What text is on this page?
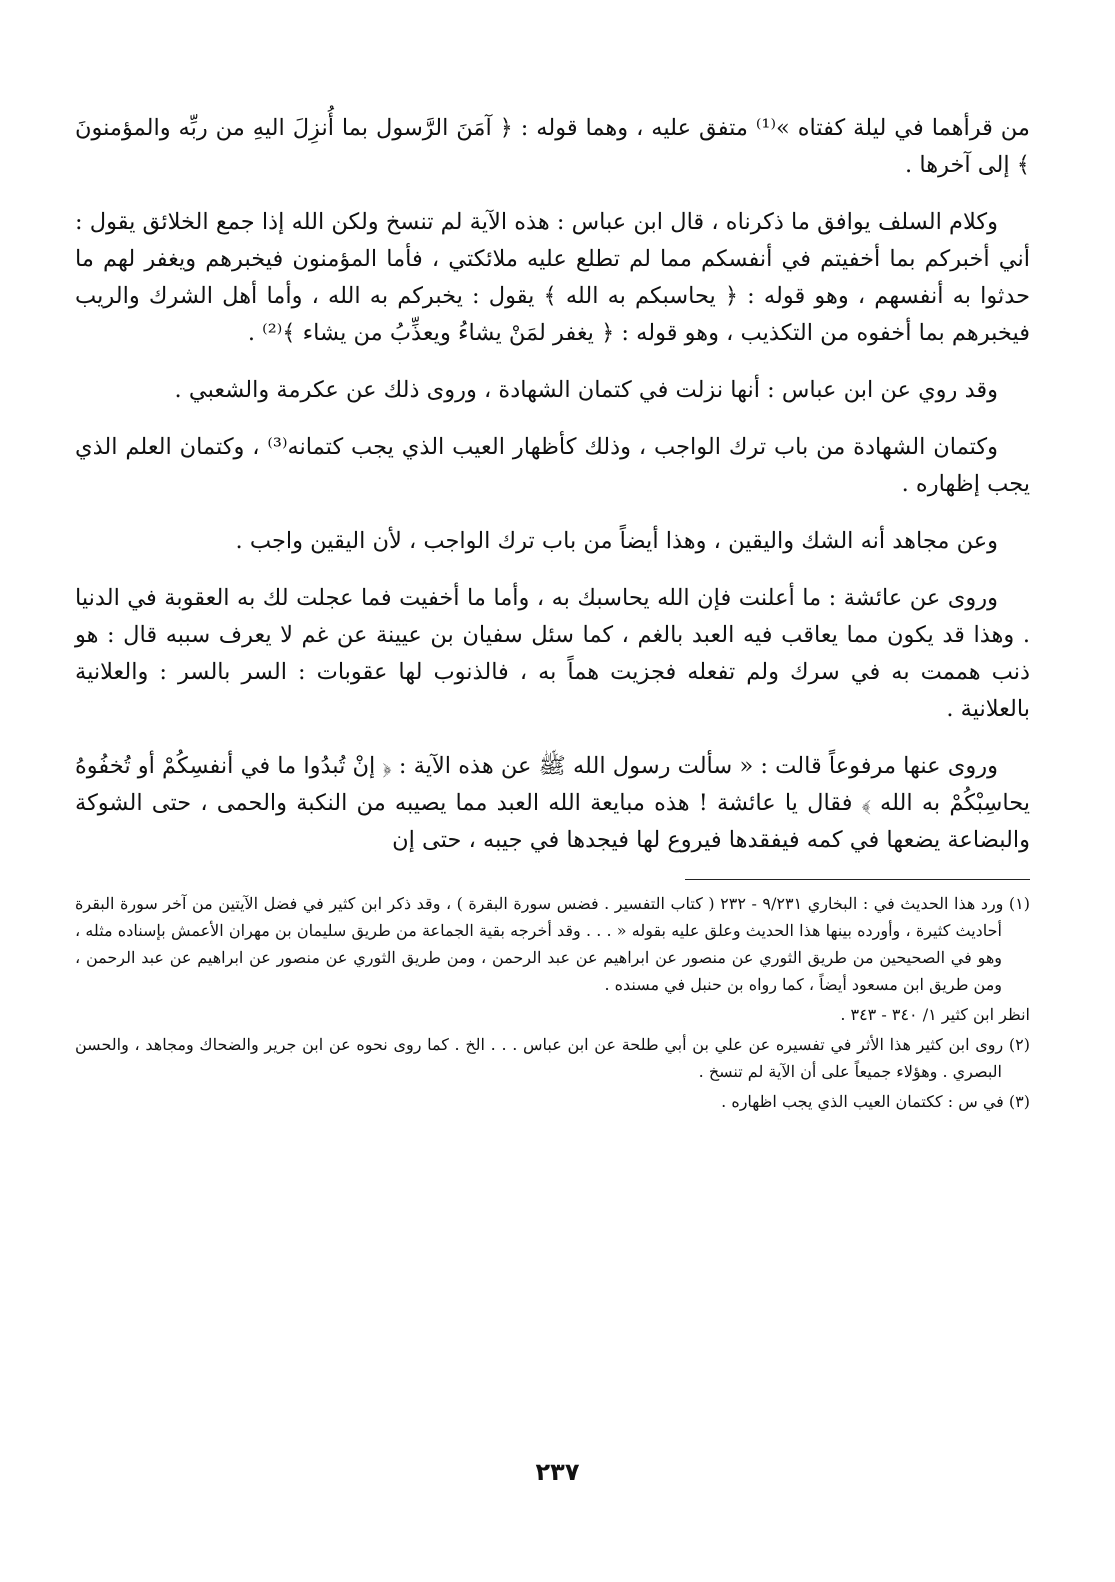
من قرأهما في ليلة كفتاه »⁽¹⁾ متفق عليه ، وهما قوله : ﴿ آمَنَ الرَّسول بما أُنزِلَ اليهِ من ربِّه والمؤمنونَ ﴾ إلى آخرها .

وكلام السلف يوافق ما ذكرناه ، قال ابن عباس : هذه الآية لم تنسخ ولكن الله إذا جمع الخلائق يقول : أني أخبركم بما أخفيتم في أنفسكم مما لم تطلع عليه ملائكتي ، فأما المؤمنون فيخبرهم ويغفر لهم ما حدثوا به أنفسهم ، وهو قوله : ﴿ يحاسبكم به الله ﴾ يقول : يخبركم به الله ، وأما أهل الشرك والريب فيخبرهم بما أخفوه من التكذيب ، وهو قوله : ﴿ يغفر لمَنْ يشاءُ ويعذِّبُ من يشاء ﴾⁽²⁾ .

وقد روي عن ابن عباس : أنها نزلت في كتمان الشهادة ، وروى ذلك عن عكرمة والشعبي .

وكتمان الشهادة من باب ترك الواجب ، وذلك كأظهار العيب الذي يجب كتمانه⁽³⁾ ، وكتمان العلم الذي يجب إظهاره .

وعن مجاهد أنه الشك واليقين ، وهذا أيضاً من باب ترك الواجب ، لأن اليقين واجب .

وروى عن عائشة : ما أعلنت فإن الله يحاسبك به ، وأما ما أخفيت فما عجلت لك به العقوبة في الدنيا . وهذا قد يكون مما يعاقب فيه العبد بالغم ، كما سئل سفيان بن عيينة عن غم لا يعرف سببه قال : هو ذنب هممت به في سرك ولم تفعله فجزيت هماً به ، فالذنوب لها عقوبات : السر بالسر : والعلانية بالعلانية .

وروى عنها مرفوعاً قالت : « سألت رسول الله ﷺ عن هذه الآية : ﴿ إنْ تُبدُوا ما في أنفسِكُمْ أو تُخفُوهُ يحاسِبْكُمْ به الله ﴾ فقال يا عائشة ! هذه مبايعة الله العبد مما يصيبه من النكبة والحمى ، حتى الشوكة والبضاعة يضعها في كمه فيفقدها فيروع لها فيجدها في جيبه ، حتى إن

(١) ورد هذا الحديث في : البخاري ٩/٢٣١ - ٢٣٢ ( كتاب التفسير . فضس سورة البقرة ) ، وقد ذكر ابن كثير في فضل الآيتين من آخر سورة البقرة أحاديث كثيرة ، وأورده بينها هذا الحديث وعلق عليه بقوله « . . . وقد أخرجه بقية الجماعة من طريق سليمان بن مهران الأعمش بإسناده مثله ، وهو في الصحيحين من طريق الثوري عن منصور عن ابراهيم عن عبد الرحمن ، ومن طريق الثوري عن منصور عن ابراهيم عن عبد الرحمن ، ومن طريق ابن مسعود أيضاً ، كما رواه بن حنبل في مسنده .

انظر ابن كثير ١/ ٣٤٠ - ٣٤٣ .

(٢) روى ابن كثير هذا الأثر في تفسيره عن علي بن أبي طلحة عن ابن عباس . . . الخ . كما روى نحوه عن ابن جرير والضحاك ومجاهد ، والحسن البصري . وهؤلاء جميعاً على أن الآية لم تنسخ .

(٣) في س : ككتمان العيب الذي يجب اظهاره .

٢٣٧
